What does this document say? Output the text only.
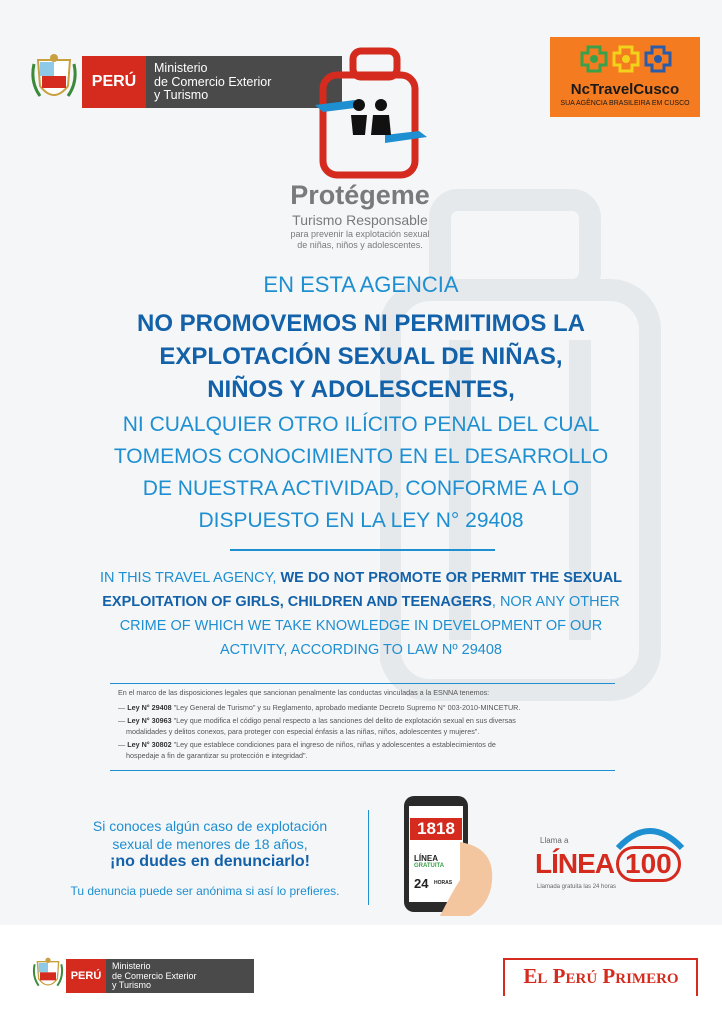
PERÚ
Ministerio
de Comercio Exterior
y Turismo	NcTravelCusco
SUA AGÊNCIA BRASILEIRA EM CUSCO
Protégeme
Turismo Responsable
para prevenir la explotación sexual
de niñas, niños y adolescentes.
EN ESTA AGENCIA
NO PROMOVEMOS NI PERMITIMOS LA
EXPLOTACIÓN SEXUAL DE NIÑAS,
NIÑOS Y ADOLESCENTES,
NI CUALQUIER OTRO ILÍCITO PENAL DEL CUAL
TOMEMOS CONOCIMIENTO EN EL DESARROLLO
DE NUESTRA ACTIVIDAD, CONFORME A LO
DISPUESTO EN LA LEY N° 29408
IN THIS TRAVEL AGENCY, WE DO NOT PROMOTE OR PERMIT THE SEXUAL
EXPLOITATION OF GIRLS, CHILDREN AND TEENAGERS, NOR ANY OTHER
CRIME OF WHICH WE TAKE KNOWLEDGE IN DEVELOPMENT OF OUR
ACTIVITY, ACCORDING TO LAW Nº 29408
En el marco de las disposiciones legales que sancionan penalmente las conductas vinculadas a la ESNNA tenemos:
— Ley N° 29408 "Ley General de Turismo" y su Reglamento, aprobado mediante Decreto Supremo N° 003-2010-MINCETUR.
— Ley N° 30963 "Ley que modifica el código penal respecto a las sanciones del delito de explotación sexual en sus diversas
modalidades y delitos conexos, para proteger con especial énfasis a las niñas, niños, adolescentes y mujeres".
— Ley N° 30802 "Ley que establece condiciones para el ingreso de niños, niñas y adolescentes a establecimientos de
hospedaje a fin de garantizar su protección e integridad".
Si conoces algún caso de explotación
sexual de menores de 18 años,
¡no dudes en denunciarlo!
Tu denuncia puede ser anónima si así lo prefieres.
1818
LÍNEA
GRATUITA
24 HORAS
Llama a
LÍNEA 100
Llamada gratuita las 24 horas
PERÚ
Ministerio
de Comercio Exterior
y Turismo	El Perú Primero
